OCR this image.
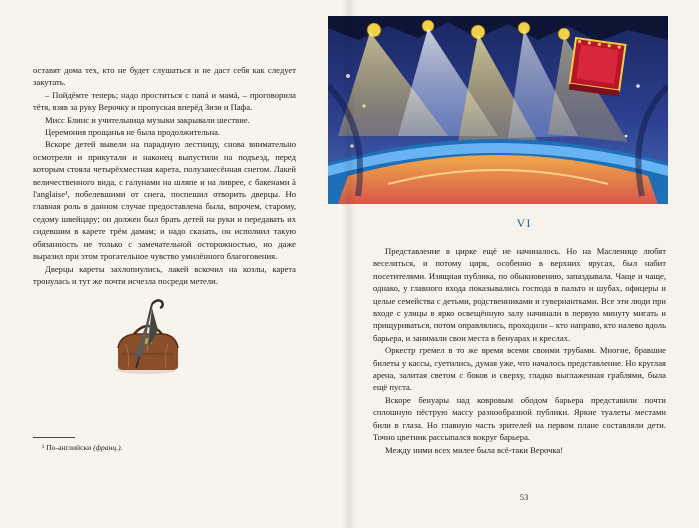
оставят дома тех, кто не будет слушаться и не даст себя как следует закутать.

– Пойдёмте теперь; надо проститься с папá и мамá, – проговорила тётя, взяв за руку Верочку и пропуская вперёд Зизи и Пафа.

Мисс Блинс и учительница музыки закрывали шествие.

Церемония прощанья не была продолжительна.

Вскоре детей вывели на парадную лестницу, снова внимательно осмотрели и прикутали и наконец выпустили на подъезд, перед которым стояла четырёхместная карета, полузанесённая снегом. Лакей величественного вида, с галунами на шляпе и на ливрее, с бакенами à l'anglaise¹, побелевшими от снега, поспешил отворить дверцы. Но главная роль в данном случае предоставлена была, впрочем, старому, седому швейцару; он должен был брать детей на руки и передавать их сидевшим в карете трём дамам; и надо сказать, он исполнил такую обязанность не только с замечательной осторожностью, но даже выразил при этом трогательное чувство умилённого благоговения.

Дверцы кареты захлопнулись, лакей вскочил на козлы, карета тронулась и тут же почти исчезла посреди метели.

¹ По-английски (франц.).
VI

Представление в цирке ещё не начиналось. Но на Масленице любят веселиться, и потому цирк, особенно в верхних ярусах, был набит посетителями. Изящная публика, по обыкновению, запаздывала. Чаще и чаще, однако, у главного входа показывались господа в пальто и шубах, офицеры и целые семейства с детьми, родственниками и гувернантками. Все эти люди при входе с улицы в ярко освещённую залу начинали в первую минуту мигать и прищуриваться, потом оправлялись, проходили – кто направо, кто налево вдоль барьера, и занимали свои места в бенуарах и креслах.

Оркестр гремел в то же время всеми своими трубами. Многие, бравшие билеты у кассы, суетились, думая уже, что началось представление. Но круглая арена, залитая светом с боков и сверху, гладко выглаженная граблями, была ещё пуста.

Вскоре бенуары над ковровым ободом барьера представили почти сплошную пёструю массу разнообразной публики. Яркие туалеты местами били в глаза. Но главную часть зрителей на первом плане составляли дети. Точно цветник рассыпался вокруг барьера.

Между ними всех милее была всё-таки Верочка!

53
